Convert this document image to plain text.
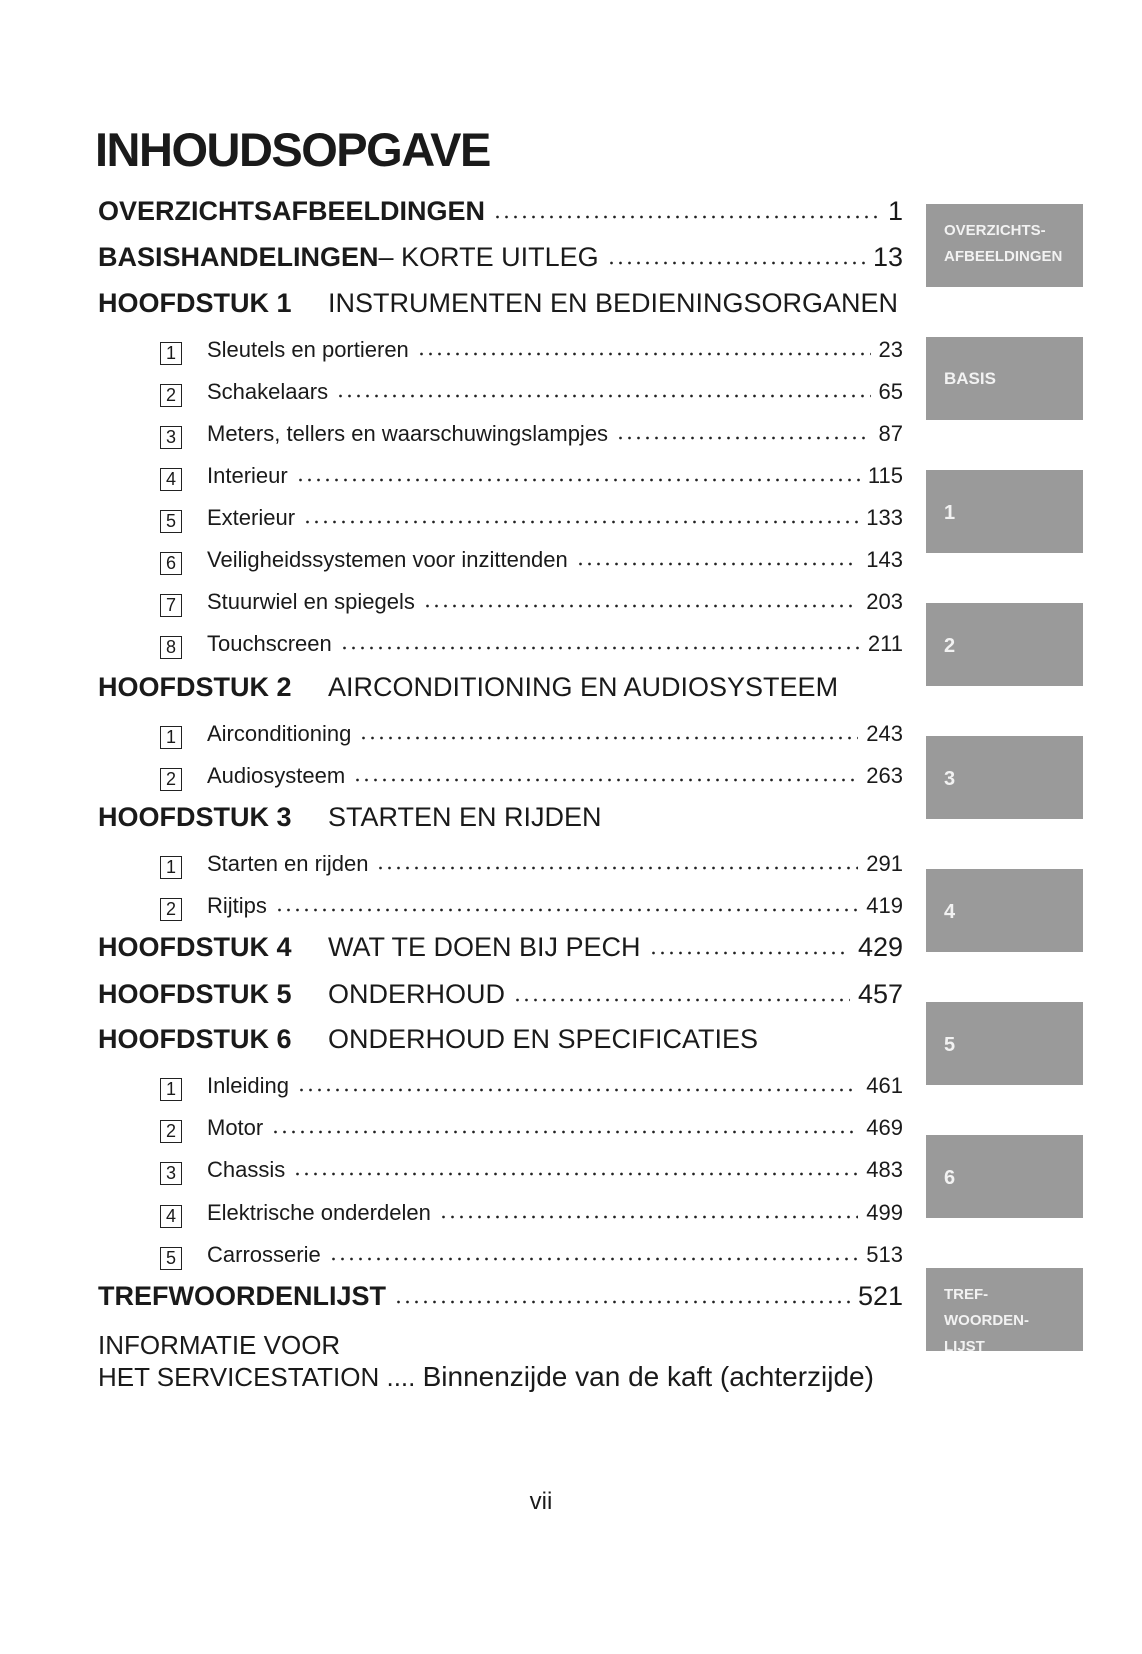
INHOUDSOPGAVE
OVERZICHTSAFBEELDINGEN	1
BASISHANDELINGEN – KORTE UITLEG	13
HOOFDSTUK 1	INSTRUMENTEN EN BEDIENINGSORGANEN
1 Sleutels en portieren	23
2 Schakelaars	65
3 Meters, tellers en waarschuwingslampjes	87
4 Interieur	115
5 Exterieur	133
6 Veiligheidssystemen voor inzittenden	143
7 Stuurwiel en spiegels	203
8 Touchscreen	211
HOOFDSTUK 2	AIRCONDITIONING EN AUDIOSYSTEEM
1 Airconditioning	243
2 Audiosysteem	263
HOOFDSTUK 3	STARTEN EN RIJDEN
1 Starten en rijden	291
2 Rijtips	419
HOOFDSTUK 4	WAT TE DOEN BIJ PECH	429
HOOFDSTUK 5	ONDERHOUD	457
HOOFDSTUK 6	ONDERHOUD EN SPECIFICATIES
1 Inleiding	461
2 Motor	469
3 Chassis	483
4 Elektrische onderdelen	499
5 Carrosserie	513
TREFWOORDENLIJST	521
INFORMATIE VOOR
HET SERVICESTATION .... Binnenzijde van de kaft (achterzijde)
OVERZICHTS-
AFBEELDINGEN
BASIS
1
2
3
4
5
6
TREF-
WOORDEN-
LIJST
vii
